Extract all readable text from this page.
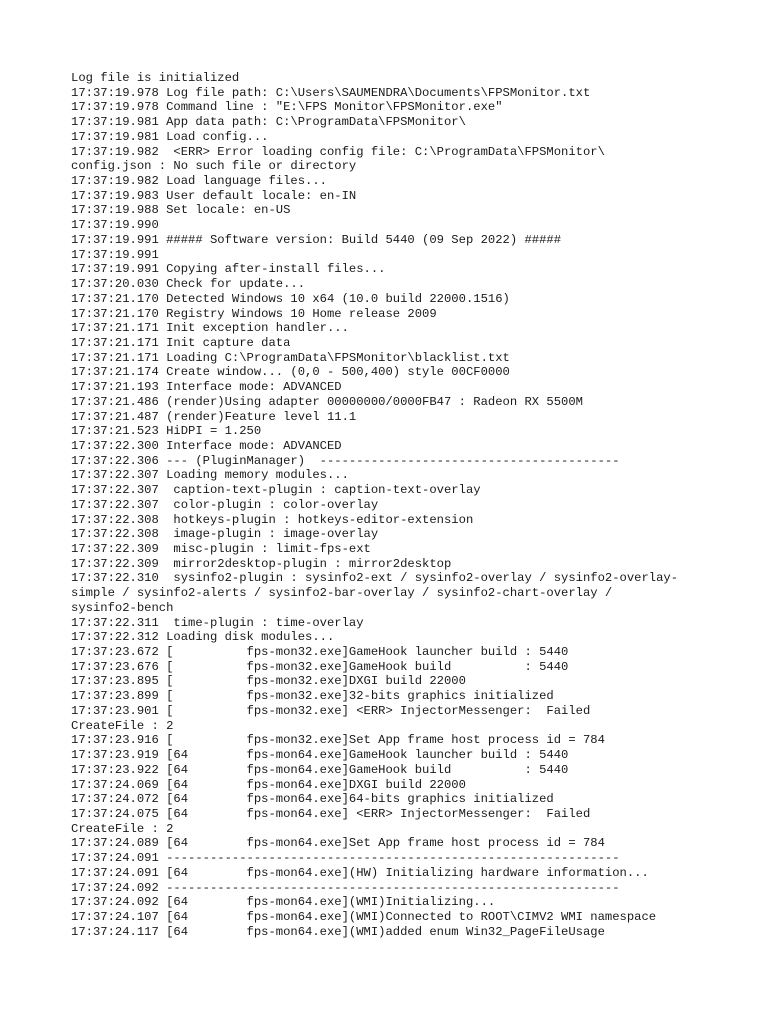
Log file is initialized
17:37:19.978 Log file path: C:\Users\SAUMENDRA\Documents\FPSMonitor.txt
17:37:19.978 Command line : "E:\FPS Monitor\FPSMonitor.exe"
17:37:19.981 App data path: C:\ProgramData\FPSMonitor\
17:37:19.981 Load config...
17:37:19.982  <ERR> Error loading config file: C:\ProgramData\FPSMonitor\
config.json : No such file or directory
17:37:19.982 Load language files...
17:37:19.983 User default locale: en-IN
17:37:19.988 Set locale: en-US
17:37:19.990
17:37:19.991 ##### Software version: Build 5440 (09 Sep 2022) #####
17:37:19.991
17:37:19.991 Copying after-install files...
17:37:20.030 Check for update...
17:37:21.170 Detected Windows 10 x64 (10.0 build 22000.1516)
17:37:21.170 Registry Windows 10 Home release 2009
17:37:21.171 Init exception handler...
17:37:21.171 Init capture data
17:37:21.171 Loading C:\ProgramData\FPSMonitor\blacklist.txt
17:37:21.174 Create window... (0,0 - 500,400) style 00CF0000
17:37:21.193 Interface mode: ADVANCED
17:37:21.486 (render)Using adapter 00000000/0000FB47 : Radeon RX 5500M
17:37:21.487 (render)Feature level 11.1
17:37:21.523 HiDPI = 1.250
17:37:22.300 Interface mode: ADVANCED
17:37:22.306 --- (PluginManager)  -----------------------------------------
17:37:22.307 Loading memory modules...
17:37:22.307  caption-text-plugin : caption-text-overlay
17:37:22.307  color-plugin : color-overlay
17:37:22.308  hotkeys-plugin : hotkeys-editor-extension
17:37:22.308  image-plugin : image-overlay
17:37:22.309  misc-plugin : limit-fps-ext
17:37:22.309  mirror2desktop-plugin : mirror2desktop
17:37:22.310  sysinfo2-plugin : sysinfo2-ext / sysinfo2-overlay / sysinfo2-overlay-
simple / sysinfo2-alerts / sysinfo2-bar-overlay / sysinfo2-chart-overlay /
sysinfo2-bench
17:37:22.311  time-plugin : time-overlay
17:37:22.312 Loading disk modules...
17:37:23.672 [          fps-mon32.exe]GameHook launcher build : 5440
17:37:23.676 [          fps-mon32.exe]GameHook build          : 5440
17:37:23.895 [          fps-mon32.exe]DXGI build 22000
17:37:23.899 [          fps-mon32.exe]32-bits graphics initialized
17:37:23.901 [          fps-mon32.exe] <ERR> InjectorMessenger:  Failed
CreateFile : 2
17:37:23.916 [          fps-mon32.exe]Set App frame host process id = 784
17:37:23.919 [64        fps-mon64.exe]GameHook launcher build : 5440
17:37:23.922 [64        fps-mon64.exe]GameHook build          : 5440
17:37:24.069 [64        fps-mon64.exe]DXGI build 22000
17:37:24.072 [64        fps-mon64.exe]64-bits graphics initialized
17:37:24.075 [64        fps-mon64.exe] <ERR> InjectorMessenger:  Failed
CreateFile : 2
17:37:24.089 [64        fps-mon64.exe]Set App frame host process id = 784
17:37:24.091 --------------------------------------------------------------
17:37:24.091 [64        fps-mon64.exe](HW) Initializing hardware information...
17:37:24.092 --------------------------------------------------------------
17:37:24.092 [64        fps-mon64.exe](WMI)Initializing...
17:37:24.107 [64        fps-mon64.exe](WMI)Connected to ROOT\CIMV2 WMI namespace
17:37:24.117 [64        fps-mon64.exe](WMI)added enum Win32_PageFileUsage
